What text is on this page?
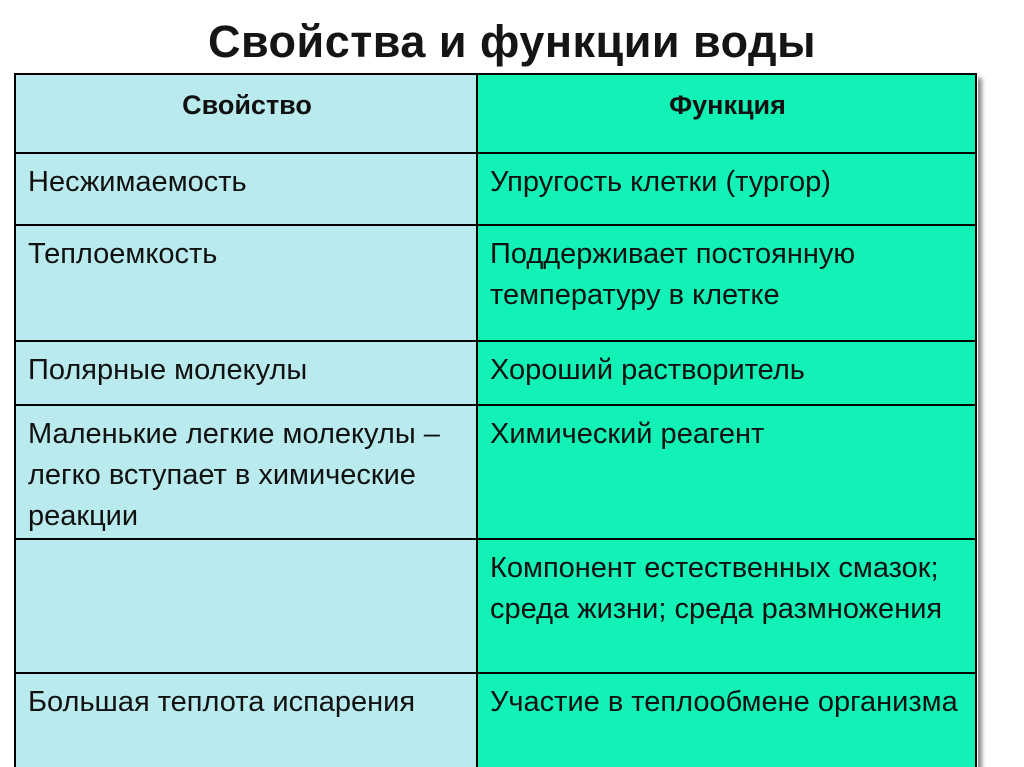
Свойства и функции воды
Свойство	Функция

Несжимаемость	Упругость клетки (тургор)

Теплоемкость	Поддерживает постоянную температуру в клетке

Полярные молекулы	Хороший растворитель

Маленькие легкие молекулы – легко вступает в химические реакции	Химический реагент

	Компонент естественных смазок; среда жизни; среда размножения

Большая теплота испарения	Участие в теплообмене организма
